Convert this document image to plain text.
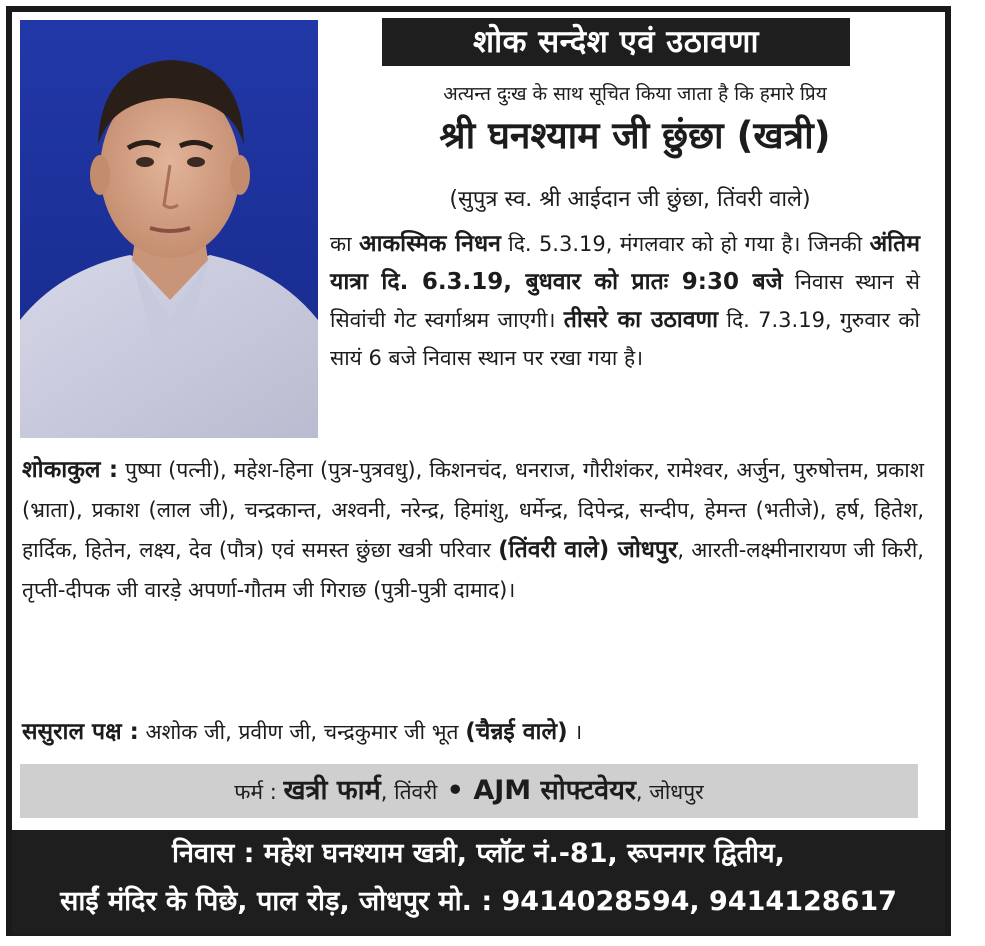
शोक सन्देश एवं उठावणा
अत्यन्त दुःख के साथ सूचित किया जाता है कि हमारे प्रिय
श्री घनश्याम जी छुंछा (खत्री)
(सुपुत्र स्व. श्री आईदान जी छुंछा, तिंवरी वाले)
का आकस्मिक निधन दि. 5.3.19, मंगलवार को हो गया है। जिनकी अंतिम यात्रा दि. 6.3.19, बुधवार को प्रातः 9:30 बजे निवास स्थान से सिवांची गेट स्वर्गाश्रम जाएगी। तीसरे का उठावणा दि. 7.3.19, गुरुवार को सायं 6 बजे निवास स्थान पर रखा गया है।
शोकाकुल : पुष्पा (पत्नी), महेश-हिना (पुत्र-पुत्रवधु), किशनचंद, धनराज, गौरीशंकर, रामेश्वर, अर्जुन, पुरुषोत्तम, प्रकाश (भ्राता), प्रकाश (लाल जी), चन्द्रकान्त, अश्वनी, नरेन्द्र, हिमांशु, धर्मेन्द्र, दिपेन्द्र, सन्दीप, हेमन्त (भतीजे), हर्ष, हितेश, हार्दिक, हितेन, लक्ष्य, देव (पौत्र) एवं समस्त छुंछा खत्री परिवार (तिंवरी वाले) जोधपुर, आरती-लक्ष्मीनारायण जी किरी, तृप्ती-दीपक जी वारड़े अपर्णा-गौतम जी गिराछ (पुत्री-पुत्री दामाद)।
ससुराल पक्ष : अशोक जी, प्रवीण जी, चन्द्रकुमार जी भूत (चैन्नई वाले) ।
फर्म : खत्री फार्म, तिंवरी • AJM सोफ्टवेयर, जोधपुर
निवास : महेश घनश्याम खत्री, प्लॉट नं.-81, रूपनगर द्वितीय,
साईं मंदिर के पिछे, पाल रोड़, जोधपुर मो. : 9414028594, 9414128617
